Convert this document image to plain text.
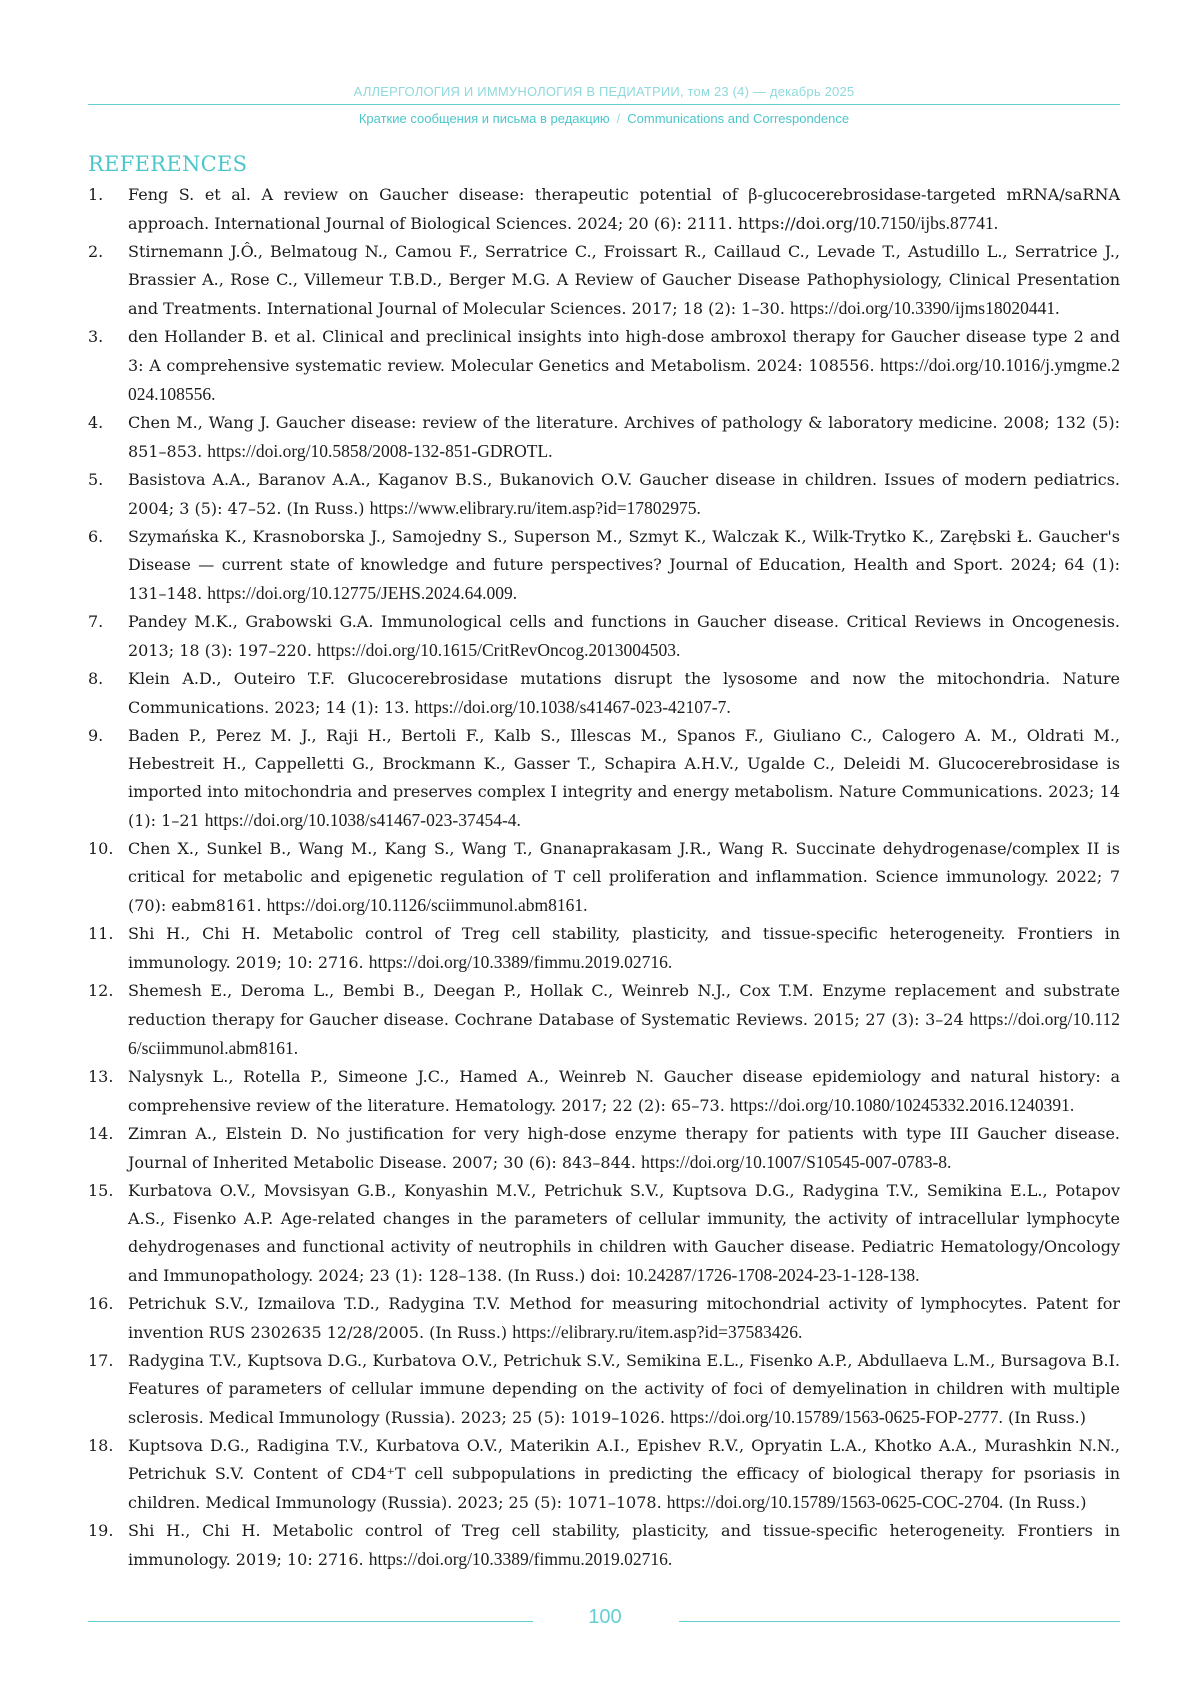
АЛЛЕРГОЛОГИЯ И ИММУНОЛОГИЯ В ПЕДИАТРИИ, том 23 (4) — декабрь 2025
Краткие сообщения и письма в редакцию / Communications and Correspondence
REFERENCES
1.	Feng S. et al. A review on Gaucher disease: therapeutic potential of β-glucocerebrosidase-targeted mRNA/saRNA approach. International Journal of Biological Sciences. 2024; 20 (6): 2111. https://doi.org/10.7150/ijbs.87741.
2.	Stirnemann J.Ô., Belmatoug N., Camou F., Serratrice C., Froissart R., Caillaud C., Levade T., Astudillo L., Serratrice J., Brassier A., Rose C., Villemeur T.B.D., Berger M.G. A Review of Gaucher Disease Pathophysiology, Clinical Presentation and Treatments. International Journal of Molecular Sciences. 2017; 18 (2): 1–30. https://doi.org/10.3390/ijms18020441.
3.	den Hollander B. et al. Clinical and preclinical insights into high-dose ambroxol therapy for Gaucher disease type 2 and 3: A comprehensive systematic review. Molecular Genetics and Metabolism. 2024: 108556. https://doi.org/10.1016/j.ymgme.2024.108556.
4.	Chen M., Wang J. Gaucher disease: review of the literature. Archives of pathology & laboratory medicine. 2008; 132 (5): 851–853. https://doi.org/10.5858/2008-132-851-GDROTL.
5.	Basistova A.A., Baranov A.A., Kaganov B.S., Bukanovich O.V. Gaucher disease in children. Issues of modern pediatrics. 2004; 3 (5): 47–52. (In Russ.) https://www.elibrary.ru/item.asp?id=17802975.
6.	Szymańska K., Krasnoborska J., Samojedny S., Superson M., Szmyt K., Walczak K., Wilk-Trytko K., Zarębski Ł. Gaucher's Disease — current state of knowledge and future perspectives? Journal of Education, Health and Sport. 2024; 64 (1): 131–148. https://doi.org/10.12775/JEHS.2024.64.009.
7.	Pandey M.K., Grabowski G.A. Immunological cells and functions in Gaucher disease. Critical Reviews in Oncogenesis. 2013; 18 (3): 197–220. https://doi.org/10.1615/CritRevOncog.2013004503.
8.	Klein A.D., Outeiro T.F. Glucocerebrosidase mutations disrupt the lysosome and now the mitochondria. Nature Communications. 2023; 14 (1): 13. https://doi.org/10.1038/s41467-023-42107-7.
9.	Baden P., Perez M. J., Raji H., Bertoli F., Kalb S., Illescas M., Spanos F., Giuliano C., Calogero A. M., Oldrati M., Hebestreit H., Cappelletti G., Brockmann K., Gasser T., Schapira A.H.V., Ugalde C., Deleidi M. Glucocerebrosidase is imported into mitochondria and preserves complex I integrity and energy metabolism. Nature Communications. 2023; 14 (1): 1–21 https://doi.org/10.1038/s41467-023-37454-4.
10. Chen X., Sunkel B., Wang M., Kang S., Wang T., Gnanaprakasam J.R., Wang R. Succinate dehydrogenase/complex II is critical for metabolic and epigenetic regulation of T cell proliferation and inflammation. Science immunology. 2022; 7 (70): eabm8161. https://doi.org/10.1126/sciimmunol.abm8161.
11. Shi H., Chi H. Metabolic control of Treg cell stability, plasticity, and tissue-specific heterogeneity. Frontiers in immunology. 2019; 10: 2716. https://doi.org/10.3389/fimmu.2019.02716.
12. Shemesh E., Deroma L., Bembi B., Deegan P., Hollak C., Weinreb N.J., Cox T.M. Enzyme replacement and substrate reduction therapy for Gaucher disease. Cochrane Database of Systematic Reviews. 2015; 27 (3): 3–24 https://doi.org/10.1126/sciimmunol.abm8161.
13. Nalysnyk L., Rotella P., Simeone J.C., Hamed A., Weinreb N. Gaucher disease epidemiology and natural history: a comprehensive review of the literature. Hematology. 2017; 22 (2): 65–73. https://doi.org/10.1080/10245332.2016.1240391.
14. Zimran A., Elstein D. No justification for very high-dose enzyme therapy for patients with type III Gaucher disease. Journal of Inherited Metabolic Disease. 2007; 30 (6): 843–844. https://doi.org/10.1007/S10545-007-0783-8.
15. Kurbatova O.V., Movsisyan G.B., Konyashin M.V., Petrichuk S.V., Kuptsova D.G., Radygina T.V., Semikina E.L., Potapov A.S., Fisenko A.P. Age-related changes in the parameters of cellular immunity, the activity of intracellular lymphocyte dehydrogenases and functional activity of neutrophils in children with Gaucher disease. Pediatric Hematology/Oncology and Immunopathology. 2024; 23 (1): 128–138. (In Russ.) doi: 10.24287/1726-1708-2024-23-1-128-138.
16. Petrichuk S.V., Izmailova T.D., Radygina T.V. Method for measuring mitochondrial activity of lymphocytes. Patent for invention RUS 2302635 12/28/2005. (In Russ.) https://elibrary.ru/item.asp?id=37583426.
17. Radygina T.V., Kuptsova D.G., Kurbatova O.V., Petrichuk S.V., Semikina E.L., Fisenko A.P., Abdullaeva L.M., Bursagova B.I. Features of parameters of cellular immune depending on the activity of foci of demyelination in children with multiple sclerosis. Medical Immunology (Russia). 2023; 25 (5): 1019–1026. https://doi.org/10.15789/1563-0625-FOP-2777. (In Russ.)
18. Kuptsova D.G., Radigina T.V., Kurbatova O.V., Materikin A.I., Epishev R.V., Opryatin L.A., Khotko A.A., Murashkin N.N., Petrichuk S.V. Content of CD4⁺T cell subpopulations in predicting the efficacy of biological therapy for psoriasis in children. Medical Immunology (Russia). 2023; 25 (5): 1071–1078. https://doi.org/10.15789/1563-0625-COC-2704. (In Russ.)
19. Shi H., Chi H. Metabolic control of Treg cell stability, plasticity, and tissue-specific heterogeneity. Frontiers in immunology. 2019; 10: 2716. https://doi.org/10.3389/fimmu.2019.02716.
100
